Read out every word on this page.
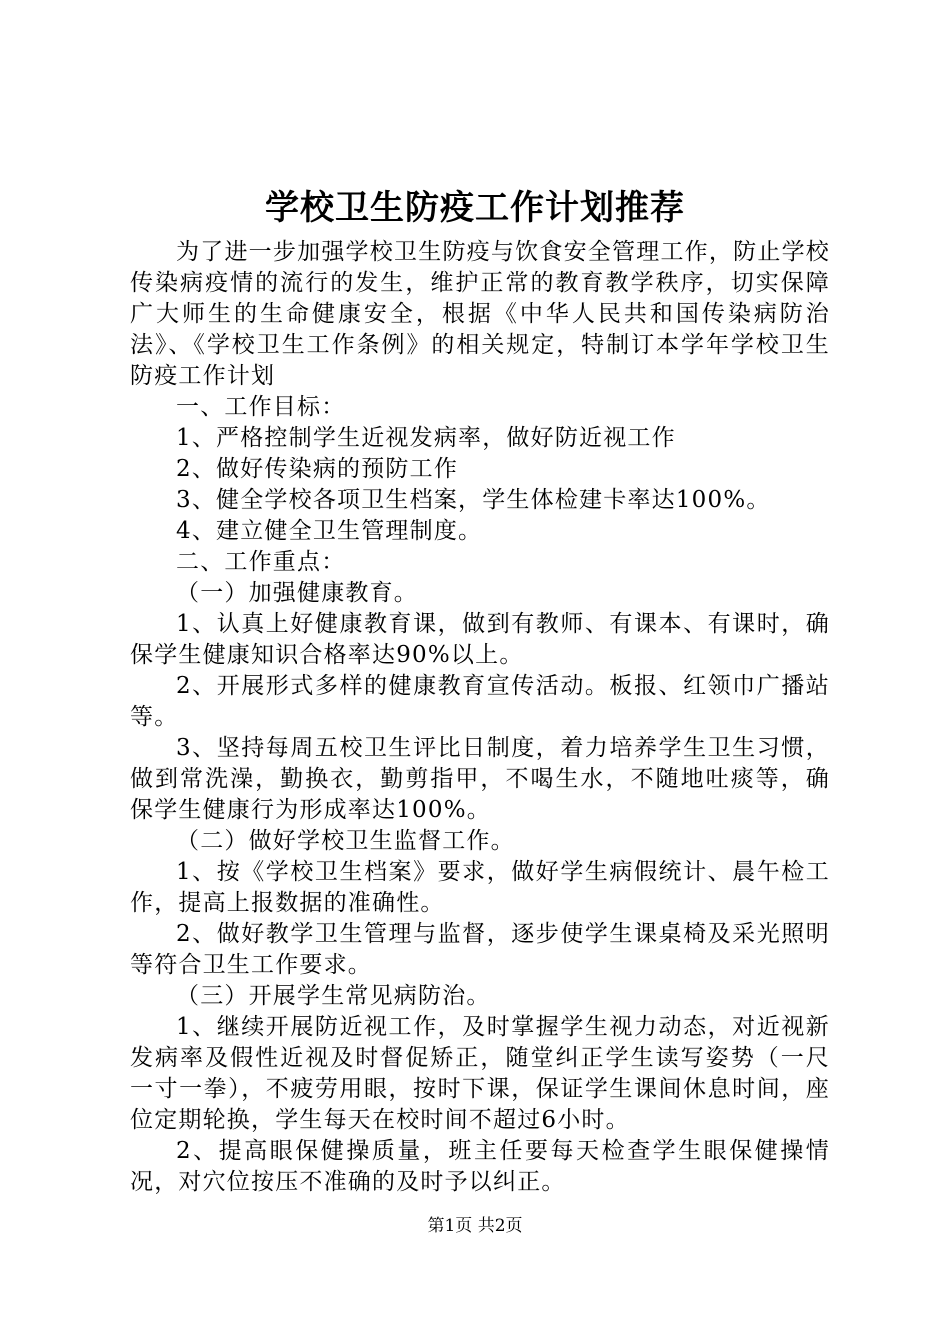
学校卫生防疫工作计划推荐

为了进一步加强学校卫生防疫与饮食安全管理工作，防止学校传染病疫情的流行的发生，维护正常的教育教学秩序，切实保障广大师生的生命健康安全，根据《中华人民共和国传染病防治法》、《学校卫生工作条例》的相关规定，特制订本学年学校卫生防疫工作计划

一、工作目标：

1、严格控制学生近视发病率，做好防近视工作

2、做好传染病的预防工作

3、健全学校各项卫生档案，学生体检建卡率达100%。

4、建立健全卫生管理制度。

二、工作重点：

（一）加强健康教育。

1、认真上好健康教育课，做到有教师、有课本、有课时，确保学生健康知识合格率达90%以上。

2、开展形式多样的健康教育宣传活动。板报、红领巾广播站等。

3、坚持每周五校卫生评比日制度，着力培养学生卫生习惯，做到常洗澡，勤换衣，勤剪指甲，不喝生水，不随地吐痰等，确保学生健康行为形成率达100%。

（二）做好学校卫生监督工作。

1、按《学校卫生档案》要求，做好学生病假统计、晨午检工作，提高上报数据的准确性。

2、做好教学卫生管理与监督，逐步使学生课桌椅及采光照明等符合卫生工作要求。

（三）开展学生常见病防治。

1、继续开展防近视工作，及时掌握学生视力动态，对近视新发病率及假性近视及时督促矫正，随堂纠正学生读写姿势（一尺一寸一拳），不疲劳用眼，按时下课，保证学生课间休息时间，座位定期轮换，学生每天在校时间不超过6小时。

2、提高眼保健操质量，班主任要每天检查学生眼保健操情况，对穴位按压不准确的及时予以纠正。

第1页 共2页
